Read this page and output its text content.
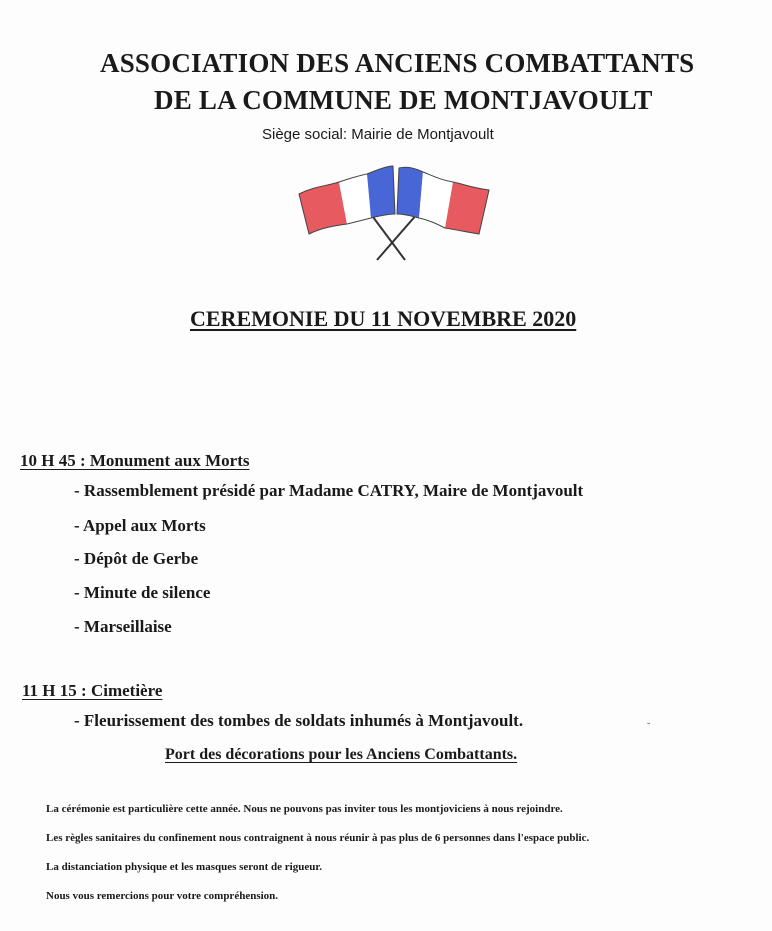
ASSOCIATION DES ANCIENS COMBATTANTS
DE LA COMMUNE DE MONTJAVOULT
Siège social: Mairie de Montjavoult
CEREMONIE DU 11 NOVEMBRE 2020
10 H 45 : Monument aux Morts
- Rassemblement présidé par Madame CATRY, Maire de Montjavoult
- Appel aux Morts
- Dépôt de Gerbe
- Minute de silence
- Marseillaise
11 H 15 : Cimetière
- Fleurissement des tombes de soldats inhumés à Montjavoult.	˘
Port des décorations pour les Anciens Combattants.
La cérémonie est particulière cette année. Nous ne pouvons pas inviter tous les montjoviciens à nous rejoindre.
Les règles sanitaires du confinement nous contraignent à nous réunir à pas plus de 6 personnes dans l'espace public.
La distanciation physique et les masques seront de rigueur.
Nous vous remercions pour votre compréhension.
